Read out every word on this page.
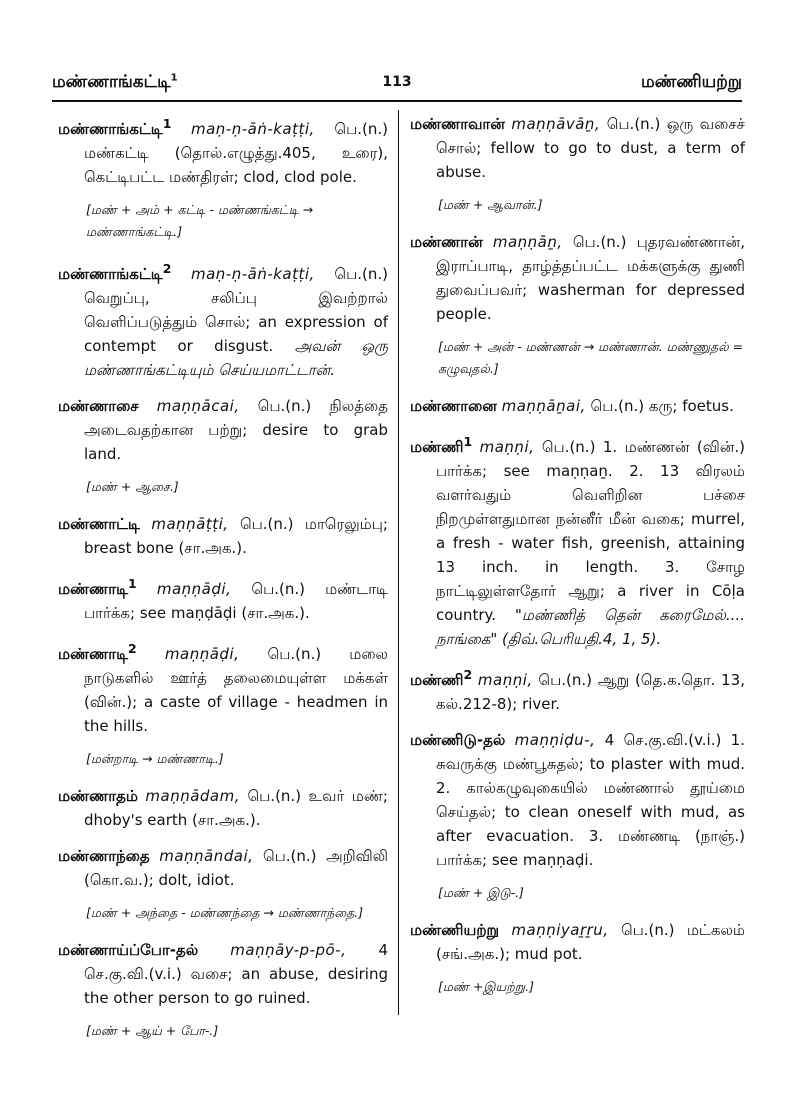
மண்ணாங்கட்டி$^1$	113	மண்ணியற்று
மண்ணாங்கட்டி$^1$ maṇ-ṇ-āṅ-kaṭṭi, பெ.(n.) மண்கட்டி (தொல்.எழுத்து.405, உரை), கெட்டிபட்ட மண்திரள்; clod, clod pole.
[மண் + அம் + கட்டி - மண்ணங்கட்டி → மண்ணாங்கட்டி.]
மண்ணாங்கட்டி$^2$ maṇ-ṇ-āṅ-kaṭṭi, பெ.(n.) வெறுப்பு, சலிப்பு இவற்றால் வெளிப்படுத்தும் சொல்; an expression of contempt or disgust. அவன் ஒரு மண்ணாங்கட்டியும் செய்யமாட்டான்.
மண்ணாசை maṇṇācai, பெ.(n.) நிலத்தை அடைவதற்கான பற்று; desire to grab land.
[மண் + ஆசை.]
மண்ணாட்டி maṇṇāṭṭi, பெ.(n.) மாரெலும்பு; breast bone (சா.அக.).
மண்ணாடி$^1$ maṇṇāḍi, பெ.(n.) மண்டாடி பார்க்க; see maṇḍāḍi (சா.அக.).
மண்ணாடி$^2$ maṇṇāḍi, பெ.(n.) மலை நாடுகளில் ஊர்த் தலைமையுள்ள மக்கள் (வின்.); a caste of village - headmen in the hills.
[மன்றாடி → மண்ணாடி.]
மண்ணாதம் maṇṇādam, பெ.(n.) உவர் மண்; dhoby's earth (சா.அக.).
மண்ணாந்தை maṇṇāndai, பெ.(n.) அறிவிலி (கொ.வ.); dolt, idiot.
[மண் + அந்தை - மண்ணந்தை → மண்ணாந்தை.]
மண்ணாய்ப்போ-தல் maṇṇāy-p-pō-, 4 செ.கு.வி.(v.i.) வசை; an abuse, desiring the other person to go ruined.
[மண் + ஆய் + போ-.]
மண்ணாவான் maṇṇāvāṉ, பெ.(n.) ஒரு வசைச் சொல்; fellow to go to dust, a term of abuse.
[மண் + ஆவான்.]
மண்ணான் maṇṇāṉ, பெ.(n.) புதரவண்ணான், இராப்பாடி, தாழ்த்தப்பட்ட மக்களுக்கு துணி துவைப்பவர்; washerman for depressed people.
[மண் + அன் - மண்ணன் → மண்ணான். மண்ணுதல் = கழுவுதல்.]
மண்ணானை maṇṇāṉai, பெ.(n.) கரு; foetus.
மண்ணி$^1$ maṇṇi, பெ.(n.) 1. மண்ணன் (வின்.) பார்க்க; see maṇṇaṉ. 2. 13 விரலம் வளர்வதும் வெளிறின பச்சை நிறமுள்ளதுமான நன்னீர் மீன் வகை; murrel, a fresh - water fish, greenish, attaining 13 inch. in length. 3. சோழ நாட்டிலுள்ளதோர் ஆறு; a river in Cōḷa country. "மண்ணித் தென் கரைமேல்.... நாங்கை" (திவ்.பெரியதி.4, 1, 5).
மண்ணி$^2$ maṇṇi, பெ.(n.) ஆறு (தெ.க.தொ. 13, கல்.212-8); river.
மண்ணிடு-தல் maṇṇiḍu-, 4 செ.கு.வி.(v.i.) 1. சுவருக்கு மண்பூசுதல்; to plaster with mud. 2. கால்கழுவுகையில் மண்ணால் தூய்மை செய்தல்; to clean oneself with mud, as after evacuation. 3. மண்ணடி (நாஞ்.) பார்க்க; see maṇṇaḍi.
[மண் + இடு-.]
மண்ணியற்று maṇṇiyaṟṟu, பெ.(n.) மட்கலம் (சங்.அக.); mud pot.
[மண் +இயற்று.]
